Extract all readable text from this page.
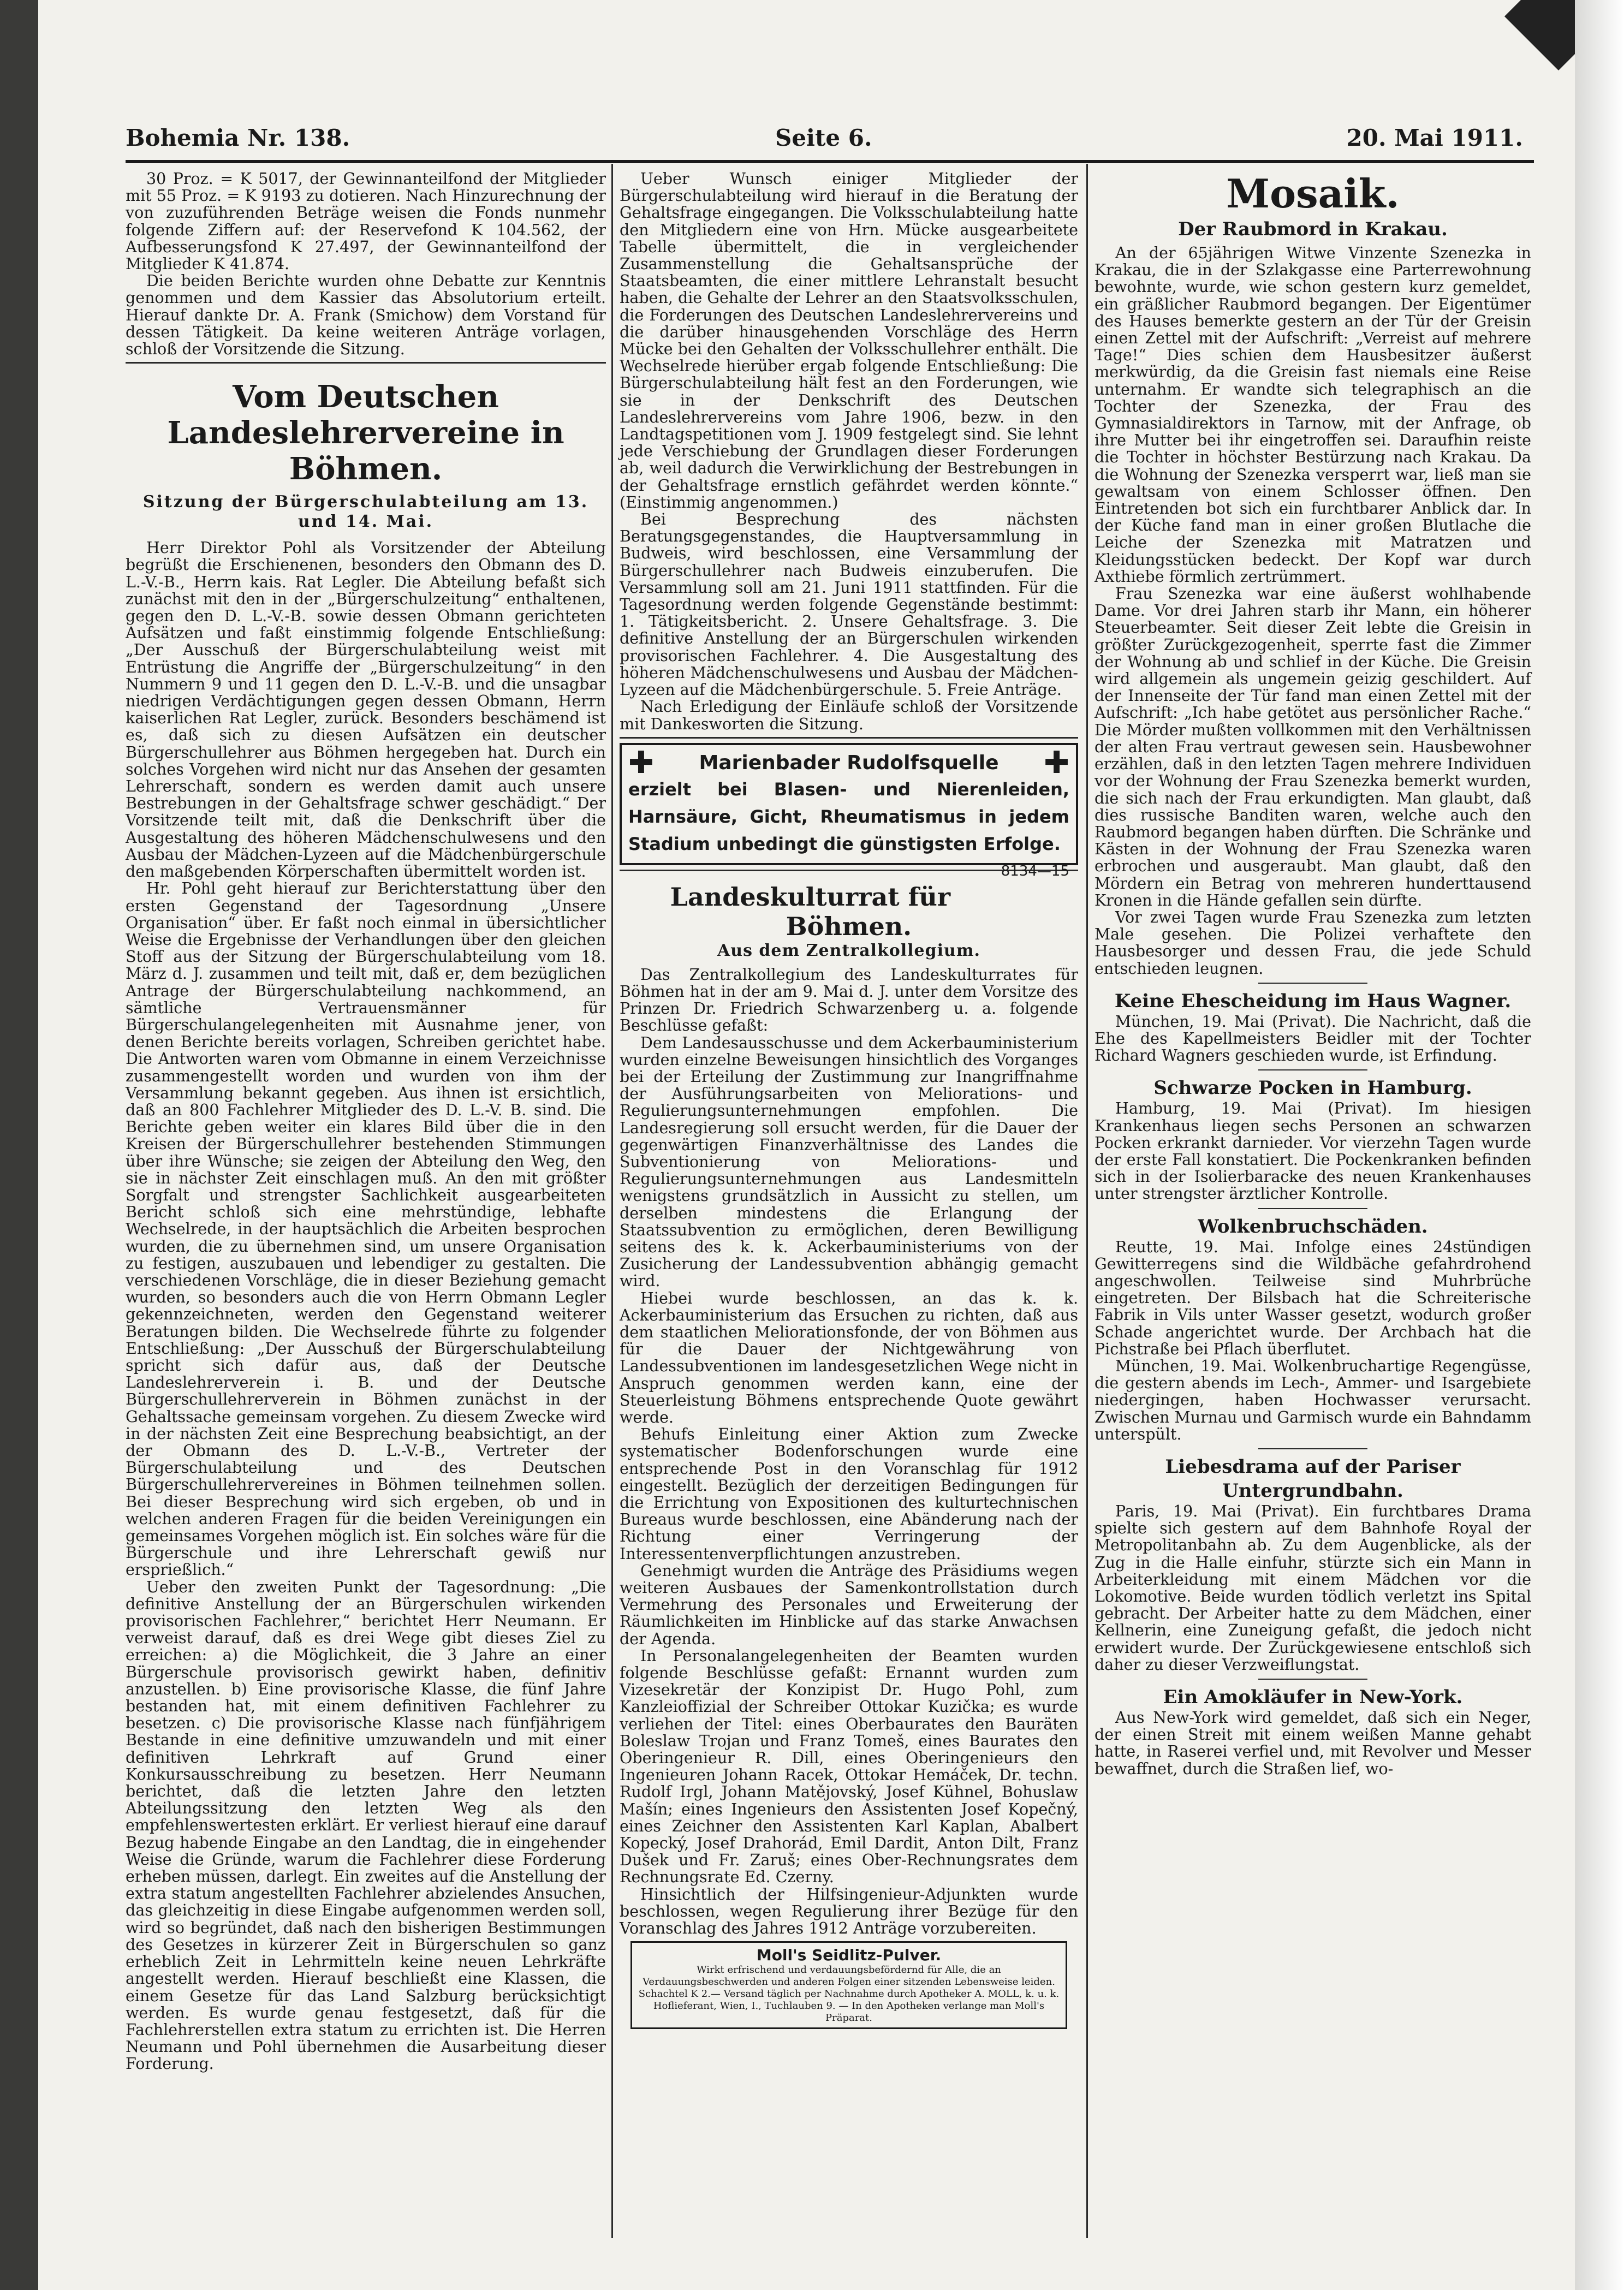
Bohemia Nr. 138.	Seite 6.	20. Mai 1911.

30 Proz. = K 5017, der Gewinnanteilfond der Mitglieder mit 55 Proz. = K 9193 zu dotieren. Nach Hinzurechnung der von zuzuführenden Beträge weisen die Fonds nunmehr folgende Ziffern auf: der Reservefond K 104.562, der Aufbesserungsfond K 27.497, der Gewinnanteilfond der Mitglieder K 41.874.

Die beiden Berichte wurden ohne Debatte zur Kenntnis genommen und dem Kassier das Absolutorium erteilt. Hierauf dankte Dr. A. Frank (Smichow) dem Vorstand für dessen Tätigkeit. Da keine weiteren Anträge vorlagen, schloß der Vorsitzende die Sitzung.

Vom Deutschen Landeslehrervereine in Böhmen.

Sitzung der Bürgerschulabteilung am 13. und 14. Mai.

Herr Direktor Pohl als Vorsitzender der Abteilung begrüßt die Erschienenen, besonders den Obmann des D. L.-V.-B., Herrn kais. Rat Legler. Die Abteilung befaßt sich zunächst mit den in der „Bürgerschulzeitung“ enthaltenen, gegen den D. L.-V.-B. sowie dessen Obmann gerichteten Aufsätzen und faßt einstimmig folgende Entschließung: „Der Ausschuß der Bürgerschulabteilung weist mit Entrüstung die Angriffe der „Bürgerschulzeitung“ in den Nummern 9 und 11 gegen den D. L.-V.-B. und die unsagbar niedrigen Verdächtigungen gegen dessen Obmann, Herrn kaiserlichen Rat Legler, zurück. Besonders beschämend ist es, daß sich zu diesen Aufsätzen ein deutscher Bürgerschullehrer aus Böhmen hergegeben hat. Durch ein solches Vorgehen wird nicht nur das Ansehen der gesamten Lehrerschaft, sondern es werden damit auch unsere Bestrebungen in der Gehaltsfrage schwer geschädigt.“ Der Vorsitzende teilt mit, daß die Denkschrift über die Ausgestaltung des höheren Mädchenschulwesens und den Ausbau der Mädchen-Lyzeen auf die Mädchenbürgerschule den maßgebenden Körperschaften übermittelt worden ist.

Hr. Pohl geht hierauf zur Berichterstattung über den ersten Gegenstand der Tagesordnung „Unsere Organisation“ über. Er faßt noch einmal in übersichtlicher Weise die Ergebnisse der Verhandlungen über den gleichen Stoff aus der Sitzung der Bürgerschulabteilung vom 18. März d. J. zusammen und teilt mit, daß er, dem bezüglichen Antrage der Bürgerschulabteilung nachkommend, an sämtliche Vertrauensmänner für Bürgerschulangelegenheiten mit Ausnahme jener, von denen Berichte bereits vorlagen, Schreiben gerichtet habe. Die Antworten waren vom Obmanne in einem Verzeichnisse zusammengestellt worden und wurden von ihm der Versammlung bekannt gegeben. Aus ihnen ist ersichtlich, daß an 800 Fachlehrer Mitglieder des D. L.-V. B. sind. Die Berichte geben weiter ein klares Bild über die in den Kreisen der Bürgerschullehrer bestehenden Stimmungen über ihre Wünsche; sie zeigen der Abteilung den Weg, den sie in nächster Zeit einschlagen muß. An den mit größter Sorgfalt und strengster Sachlichkeit ausgearbeiteten Bericht schloß sich eine mehrstündige, lebhafte Wechselrede, in der hauptsächlich die Arbeiten besprochen wurden, die zu übernehmen sind, um unsere Organisation zu festigen, auszubauen und lebendiger zu gestalten. Die verschiedenen Vorschläge, die in dieser Beziehung gemacht wurden, so besonders auch die von Herrn Obmann Legler gekennzeichneten, werden den Gegenstand weiterer Beratungen bilden. Die Wechselrede führte zu folgender Entschließung: „Der Ausschuß der Bürgerschulabteilung spricht sich dafür aus, daß der Deutsche Landeslehrerverein i. B. und der Deutsche Bürgerschullehrerverein in Böhmen zunächst in der Gehaltssache gemeinsam vorgehen. Zu diesem Zwecke wird in der nächsten Zeit eine Besprechung beabsichtigt, an der der Obmann des D. L.-V.-B., Vertreter der Bürgerschulabteilung und des Deutschen Bürgerschullehrervereines in Böhmen teilnehmen sollen. Bei dieser Besprechung wird sich ergeben, ob und in welchen anderen Fragen für die beiden Vereinigungen ein gemeinsames Vorgehen möglich ist. Ein solches wäre für die Bürgerschule und ihre Lehrerschaft gewiß nur ersprießlich.“

Ueber den zweiten Punkt der Tagesordnung: „Die definitive Anstellung der an Bürgerschulen wirkenden provisorischen Fachlehrer,“ berichtet Herr Neumann. Er verweist darauf, daß es drei Wege gibt dieses Ziel zu erreichen: a) die Möglichkeit, die 3 Jahre an einer Bürgerschule provisorisch gewirkt haben, definitiv anzustellen. b) Eine provisorische Klasse, die fünf Jahre bestanden hat, mit einem definitiven Fachlehrer zu besetzen. c) Die provisorische Klasse nach fünfjährigem Bestande in eine definitive umzuwandeln und mit einer definitiven Lehrkraft auf Grund einer Konkursausschreibung zu besetzen. Herr Neumann berichtet, daß die letzten Jahre den letzten Abteilungssitzung den letzten Weg als den empfehlenswertesten erklärt. Er verliest hierauf eine darauf Bezug habende Eingabe an den Landtag, die in eingehender Weise die Gründe, warum die Fachlehrer diese Forderung erheben müssen, darlegt. Ein zweites auf die Anstellung der extra statum angestellten Fachlehrer abzielendes Ansuchen, das gleichzeitig in diese Eingabe aufgenommen werden soll, wird so begründet, daß nach den bisherigen Bestimmungen des Gesetzes in kürzerer Zeit in Bürgerschulen so ganz erheblich Zeit in Lehrmitteln keine neuen Lehrkräfte angestellt werden. Hierauf beschließt eine Klassen, die einem Gesetze für das Land Salzburg berücksichtigt werden. Es wurde genau festgesetzt, daß für die Fachlehrerstellen extra statum zu errichten ist. Die Herren Neumann und Pohl übernehmen die Ausarbeitung dieser Forderung.

Ueber Wunsch einiger Mitglieder der Bürgerschulabteilung wird hierauf in die Beratung der Gehaltsfrage eingegangen. Die Volksschulabteilung hatte den Mitgliedern eine von Hrn. Mücke ausgearbeitete Tabelle übermittelt, die in vergleichender Zusammenstellung die Gehaltsansprüche der Staatsbeamten, die einer mittlere Lehranstalt besucht haben, die Gehalte der Lehrer an den Staatsvolksschulen, die Forderungen des Deutschen Landeslehrervereins und die darüber hinausgehenden Vorschläge des Herrn Mücke bei den Gehalten der Volksschullehrer enthält. Die Wechselrede hierüber ergab folgende Entschließung: Die Bürgerschulabteilung hält fest an den Forderungen, wie sie in der Denkschrift des Deutschen Landeslehrervereins vom Jahre 1906, bezw. in den Landtagspetitionen vom J. 1909 festgelegt sind. Sie lehnt jede Verschiebung der Grundlagen dieser Forderungen ab, weil dadurch die Verwirklichung der Bestrebungen in der Gehaltsfrage ernstlich gefährdet werden könnte.“ (Einstimmig angenommen.)

Bei Besprechung des nächsten Beratungsgegenstandes, die Hauptversammlung in Budweis, wird beschlossen, eine Versammlung der Bürgerschullehrer nach Budweis einzuberufen. Die Versammlung soll am 21. Juni 1911 stattfinden. Für die Tagesordnung werden folgende Gegenstände bestimmt: 1. Tätigkeitsbericht. 2. Unsere Gehaltsfrage. 3. Die definitive Anstellung der an Bürgerschulen wirkenden provisorischen Fachlehrer. 4. Die Ausgestaltung des höheren Mädchenschulwesens und Ausbau der Mädchen-Lyzeen auf die Mädchenbürgerschule. 5. Freie Anträge.

Nach Erledigung der Einläufe schloß der Vorsitzende mit Dankesworten die Sitzung.

✚ Marienbader Rudolfsquelle ✚
erzielt bei Blasen- und Nierenleiden, Harnsäure, Gicht, Rheumatismus in jedem Stadium unbedingt die günstigsten Erfolge.
8134—15

Landeskulturrat für Böhmen.

Aus dem Zentralkollegium.

Das Zentralkollegium des Landeskulturrates für Böhmen hat in der am 9. Mai d. J. unter dem Vorsitze des Prinzen Dr. Friedrich Schwarzenberg u. a. folgende Beschlüsse gefaßt:

Dem Landesausschusse und dem Ackerbauministerium wurden einzelne Beweisungen hinsichtlich des Vorganges bei der Erteilung der Zustimmung zur Inangriffnahme der Ausführungsarbeiten von Meliorations- und Regulierungsunternehmungen empfohlen. Die Landesregierung soll ersucht werden, für die Dauer der gegenwärtigen Finanzverhältnisse des Landes die Subventionierung von Meliorations- und Regulierungsunternehmungen aus Landesmitteln wenigstens grundsätzlich in Aussicht zu stellen, um derselben mindestens die Erlangung der Staatssubvention zu ermöglichen, deren Bewilligung seitens des k. k. Ackerbauministeriums von der Zusicherung der Landessubvention abhängig gemacht wird.

Hiebei wurde beschlossen, an das k. k. Ackerbauministerium das Ersuchen zu richten, daß aus dem staatlichen Meliorationsfonde, der von Böhmen aus für die Dauer der Nichtgewährung von Landessubventionen im landesgesetzlichen Wege nicht in Anspruch genommen werden kann, eine der Steuerleistung Böhmens entsprechende Quote gewährt werde.

Behufs Einleitung einer Aktion zum Zwecke systematischer Bodenforschungen wurde eine entsprechende Post in den Voranschlag für 1912 eingestellt. Bezüglich der derzeitigen Bedingungen für die Errichtung von Expositionen des kulturtechnischen Bureaus wurde beschlossen, eine Abänderung nach der Richtung einer Verringerung der Interessentenverpflichtungen anzustreben.

Genehmigt wurden die Anträge des Präsidiums wegen weiteren Ausbaues der Samenkontrollstation durch Vermehrung des Personales und Erweiterung der Räumlichkeiten im Hinblicke auf das starke Anwachsen der Agenda.

In Personalangelegenheiten der Beamten wurden folgende Beschlüsse gefaßt: Ernannt wurden zum Vizesekretär der Konzipist Dr. Hugo Pohl, zum Kanzleioffizial der Schreiber Ottokar Kuzička; es wurde verliehen der Titel: eines Oberbaurates den Bauräten Boleslaw Trojan und Franz Tomeš, eines Baurates den Oberingenieur R. Dill, eines Oberingenieurs den Ingenieuren Johann Racek, Ottokar Hemáček, Dr. techn. Rudolf Irgl, Johann Matějovský, Josef Kühnel, Bohuslaw Mašín; eines Ingenieurs den Assistenten Josef Kopečný, eines Zeichner den Assistenten Karl Kaplan, Abalbert Kopecký, Josef Drahorád, Emil Dardit, Anton Dilt, Franz Dušek und Fr. Zaruš; eines Ober-Rechnungsrates dem Rechnungsrate Ed. Czerny.

Hinsichtlich der Hilfsingenieur-Adjunkten wurde beschlossen, wegen Regulierung ihrer Bezüge für den Voranschlag des Jahres 1912 Anträge vorzubereiten.

Moll's Seidlitz-Pulver.
Wirkt erfrischend und verdauungsbefördernd für Alle, die an Verdauungsbeschwerden und anderen Folgen einer sitzenden Lebensweise leiden. Schachtel K 2.— Versand täglich per Nachnahme durch Apotheker A. MOLL, k. u. k. Hoflieferant, Wien, I., Tuchlauben 9. — In den Apotheken verlange man Moll's Präparat.

Mosaik.

Der Raubmord in Krakau.

An der 65jährigen Witwe Vinzente Szenezka in Krakau, die in der Szlakgasse eine Parterrewohnung bewohnte, wurde, wie schon gestern kurz gemeldet, ein gräßlicher Raubmord begangen. Der Eigentümer des Hauses bemerkte gestern an der Tür der Greisin einen Zettel mit der Aufschrift: „Verreist auf mehrere Tage!“ Dies schien dem Hausbesitzer äußerst merkwürdig, da die Greisin fast niemals eine Reise unternahm. Er wandte sich telegraphisch an die Tochter der Szenezka, der Frau des Gymnasialdirektors in Tarnow, mit der Anfrage, ob ihre Mutter bei ihr eingetroffen sei. Daraufhin reiste die Tochter in höchster Bestürzung nach Krakau. Da die Wohnung der Szenezka versperrt war, ließ man sie gewaltsam von einem Schlosser öffnen. Den Eintretenden bot sich ein furchtbarer Anblick dar. In der Küche fand man in einer großen Blutlache die Leiche der Szenezka mit Matratzen und Kleidungsstücken bedeckt. Der Kopf war durch Axthiebe förmlich zertrümmert.

Frau Szenezka war eine äußerst wohlhabende Dame. Vor drei Jahren starb ihr Mann, ein höherer Steuerbeamter. Seit dieser Zeit lebte die Greisin in größter Zurückgezogenheit, sperrte fast die Zimmer der Wohnung ab und schlief in der Küche. Die Greisin wird allgemein als ungemein geizig geschildert. Auf der Innenseite der Tür fand man einen Zettel mit der Aufschrift: „Ich habe getötet aus persönlicher Rache.“ Die Mörder mußten vollkommen mit den Verhältnissen der alten Frau vertraut gewesen sein. Hausbewohner erzählen, daß in den letzten Tagen mehrere Individuen vor der Wohnung der Frau Szenezka bemerkt wurden, die sich nach der Frau erkundigten. Man glaubt, daß dies russische Banditen waren, welche auch den Raubmord begangen haben dürften. Die Schränke und Kästen in der Wohnung der Frau Szenezka waren erbrochen und ausgeraubt. Man glaubt, daß den Mördern ein Betrag von mehreren hunderttausend Kronen in die Hände gefallen sein dürfte.

Vor zwei Tagen wurde Frau Szenezka zum letzten Male gesehen. Die Polizei verhaftete den Hausbesorger und dessen Frau, die jede Schuld entschieden leugnen.

Keine Ehescheidung im Haus Wagner.

München, 19. Mai (Privat). Die Nachricht, daß die Ehe des Kapellmeisters Beidler mit der Tochter Richard Wagners geschieden wurde, ist Erfindung.

Schwarze Pocken in Hamburg.

Hamburg, 19. Mai (Privat). Im hiesigen Krankenhaus liegen sechs Personen an schwarzen Pocken erkrankt darnieder. Vor vierzehn Tagen wurde der erste Fall konstatiert. Die Pockenkranken befinden sich in der Isolierbaracke des neuen Krankenhauses unter strengster ärztlicher Kontrolle.

Wolkenbruchschäden.

Reutte, 19. Mai. Infolge eines 24stündigen Gewitterregens sind die Wildbäche gefahrdrohend angeschwollen. Teilweise sind Muhrbrüche eingetreten. Der Bilsbach hat die Schreiterische Fabrik in Vils unter Wasser gesetzt, wodurch großer Schade angerichtet wurde. Der Archbach hat die Pichstraße bei Pflach überflutet.

München, 19. Mai. Wolkenbruchartige Regengüsse, die gestern abends im Lech-, Ammer- und Isargebiete niedergingen, haben Hochwasser verursacht. Zwischen Murnau und Garmisch wurde ein Bahndamm unterspült.

Liebesdrama auf der Pariser Untergrundbahn.

Paris, 19. Mai (Privat). Ein furchtbares Drama spielte sich gestern auf dem Bahnhofe Royal der Metropolitanbahn ab. Zu dem Augenblicke, als der Zug in die Halle einfuhr, stürzte sich ein Mann in Arbeiterkleidung mit einem Mädchen vor die Lokomotive. Beide wurden tödlich verletzt ins Spital gebracht. Der Arbeiter hatte zu dem Mädchen, einer Kellnerin, eine Zuneigung gefaßt, die jedoch nicht erwidert wurde. Der Zurückgewiesene entschloß sich daher zu dieser Verzweiflungstat.

Ein Amokläufer in New-York.

Aus New-York wird gemeldet, daß sich ein Neger, der einen Streit mit einem weißen Manne gehabt hatte, in Raserei verfiel und, mit Revolver und Messer bewaffnet, durch die Straßen lief, wo-
